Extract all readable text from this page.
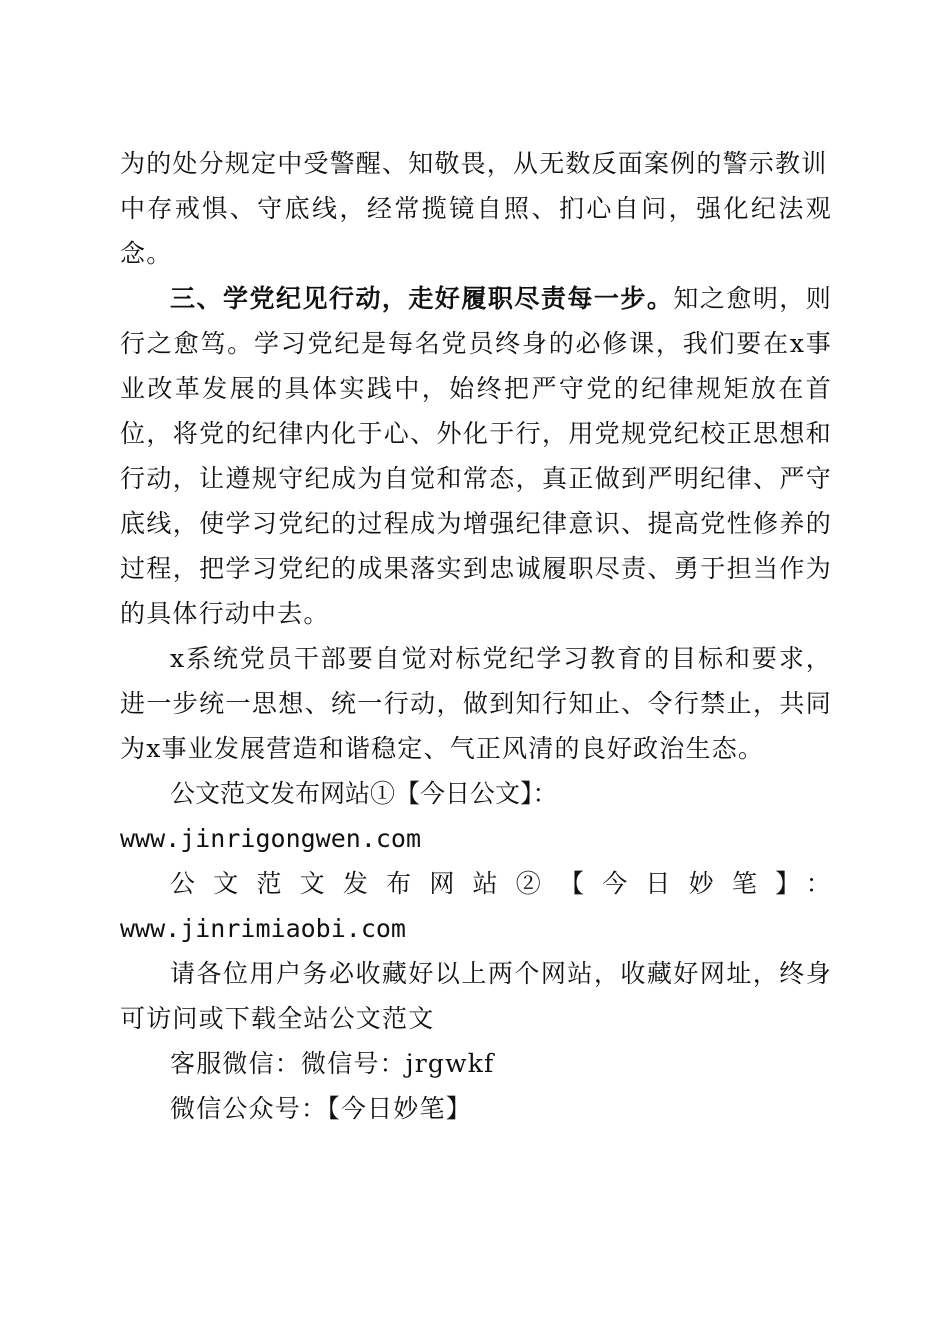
为的处分规定中受警醒、知敬畏，从无数反面案例的警示教训
中存戒惧、守底线，经常揽镜自照、扪心自问，强化纪法观念。

三、学党纪见行动，走好履职尽责每一步。知之愈明，则行之愈笃。学习党纪是每名党员终身的必修课，我们要在x事业改革发展的具体实践中，始终把严守党的纪律规矩放在首位，将党的纪律内化于心、外化于行，用党规党纪校正思想和行动，让遵规守纪成为自觉和常态，真正做到严明纪律、严守底线，使学习党纪的过程成为增强纪律意识、提高党性修养的过程，把学习党纪的成果落实到忠诚履职尽责、勇于担当作为的具体行动中去。

x系统党员干部要自觉对标党纪学习教育的目标和要求，进一步统一思想、统一行动，做到知行知止、令行禁止，共同为x事业发展营造和谐稳定、气正风清的良好政治生态。

公文范文发布网站①【今日公文】：

www.jinrigongwen.com

公文范文发布网站②【今日妙笔】：www.jinrimiaobi.com

请各位用户务必收藏好以上两个网站，收藏好网址，终身可访问或下载全站公文范文

客服微信：微信号：jrgwkf

微信公众号：【今日妙笔】
